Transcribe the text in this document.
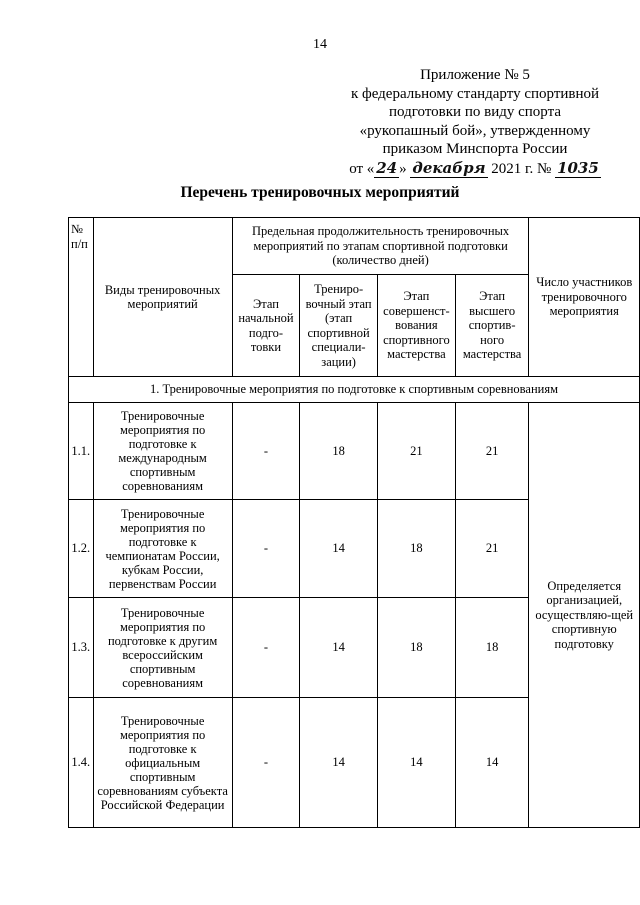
14
Приложение № 5
к федеральному стандарту спортивной
подготовки по виду спорта
«рукопашный бой», утвержденному
приказом Минспорта России
от « 24 » декабря 2021 г. № 1035
Перечень тренировочных мероприятий
№ п/п	Виды тренировочных мероприятий	Предельная продолжительность тренировочных мероприятий по этапам спортивной подготовки (количество дней)				Число участников тренировочного мероприятия
		Этап начальной подго-товки	Трениро-вочный этап (этап спортивной специали-зации)	Этап совершенст-вования спортивного мастерства	Этап высшего спортив-ного мастерства	
1. Тренировочные мероприятия по подготовке к спортивным соревнованиям						
1.1.	Тренировочные мероприятия по подготовке к международным спортивным соревнованиям	-	18	21	21	Определяется организацией, осуществляю-щей спортивную подготовку
1.2.	Тренировочные мероприятия по подготовке к чемпионатам России, кубкам России, первенствам России	-	14	18	21	
1.3.	Тренировочные мероприятия по подготовке к другим всероссийским спортивным соревнованиям	-	14	18	18	
1.4.	Тренировочные мероприятия по подготовке к официальным спортивным соревнованиям субъекта Российской Федерации	-	14	14	14	
